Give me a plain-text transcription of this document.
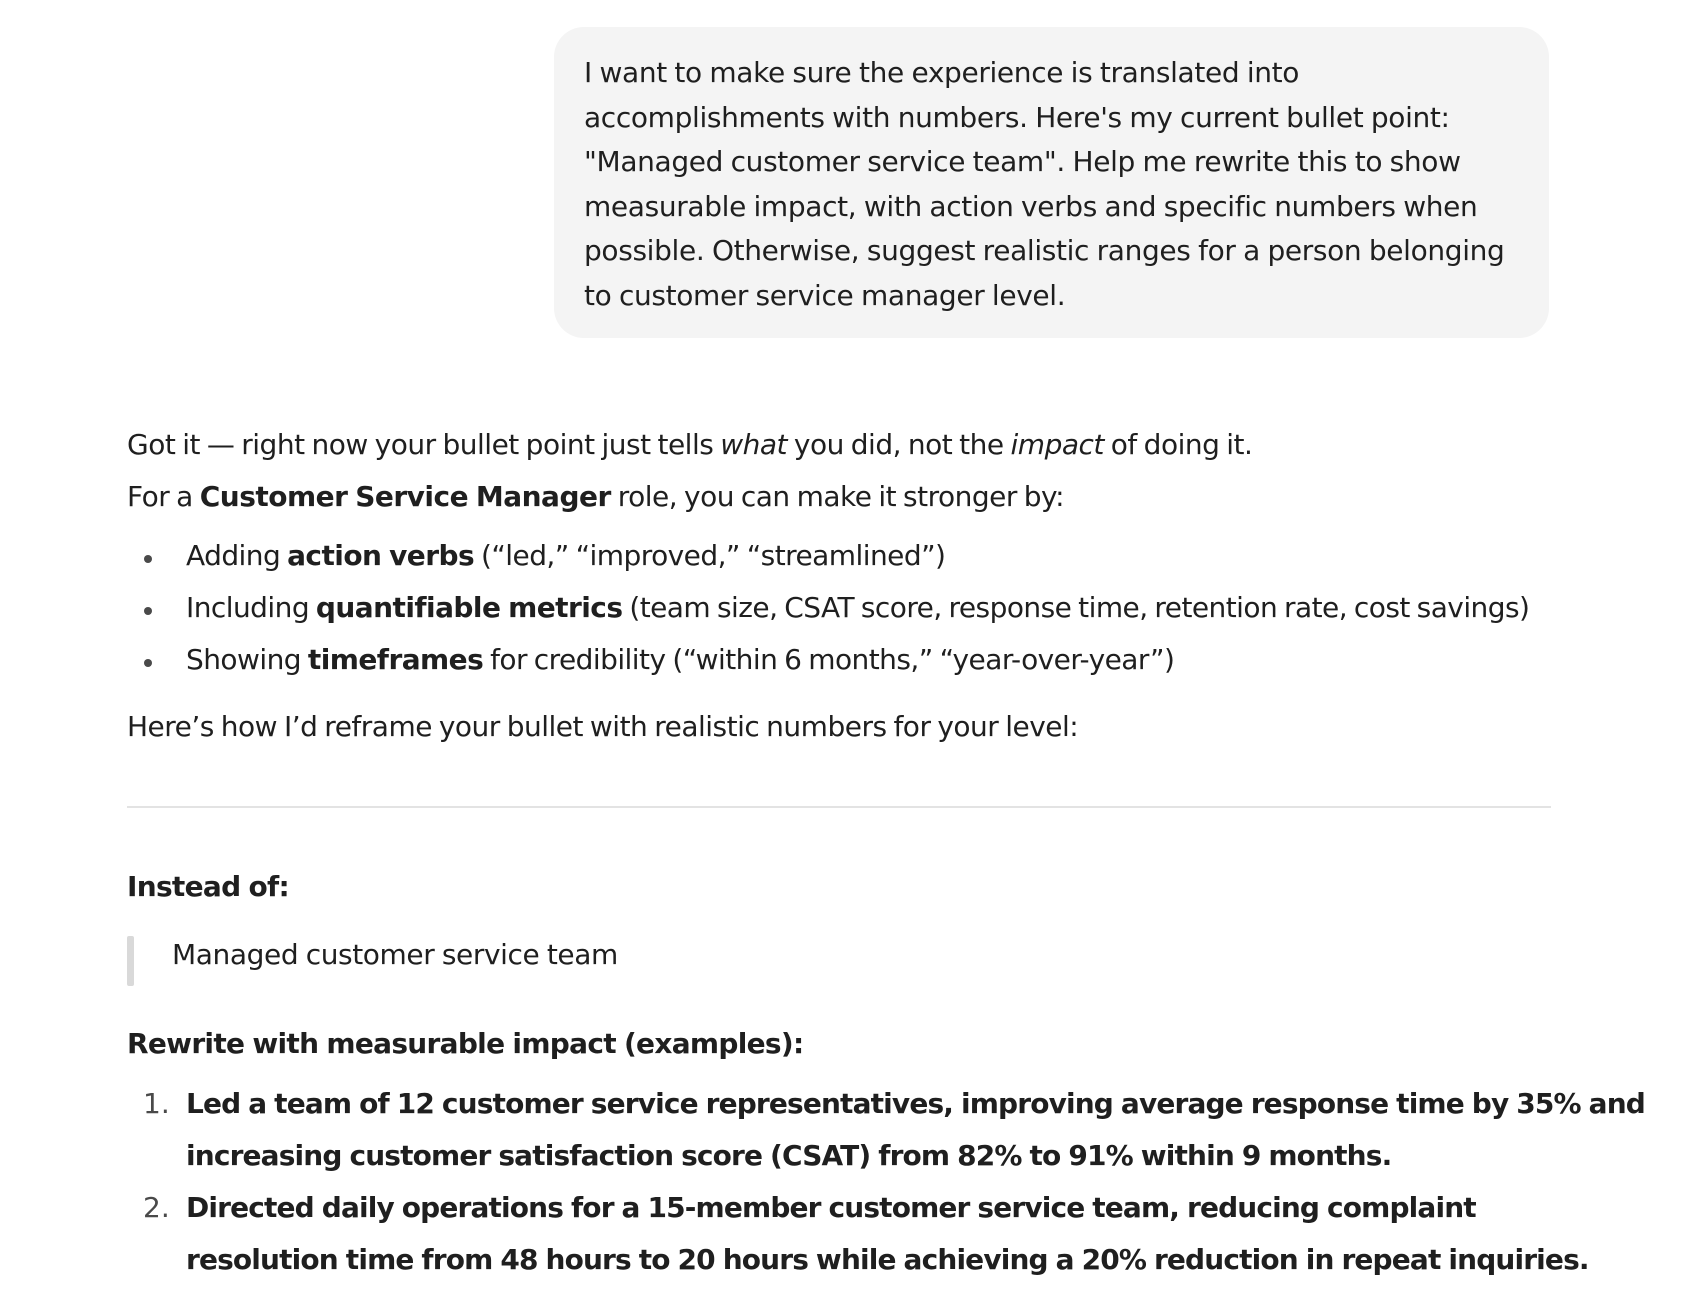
I want to make sure the experience is translated into accomplishments with numbers. Here's my current bullet point: "Managed customer service team". Help me rewrite this to show measurable impact, with action verbs and specific numbers when possible. Otherwise, suggest realistic ranges for a person belonging to customer service manager level.
Got it — right now your bullet point just tells what you did, not the impact of doing it.
For a Customer Service Manager role, you can make it stronger by:
Adding action verbs (“led,” “improved,” “streamlined”)
Including quantifiable metrics (team size, CSAT score, response time, retention rate, cost savings)
Showing timeframes for credibility (“within 6 months,” “year-over-year”)
Here’s how I’d reframe your bullet with realistic numbers for your level:
Instead of:
Managed customer service team
Rewrite with measurable impact (examples):
1. Led a team of 12 customer service representatives, improving average response time by 35% and
increasing customer satisfaction score (CSAT) from 82% to 91% within 9 months.
2. Directed daily operations for a 15-member customer service team, reducing complaint
resolution time from 48 hours to 20 hours while achieving a 20% reduction in repeat inquiries.
